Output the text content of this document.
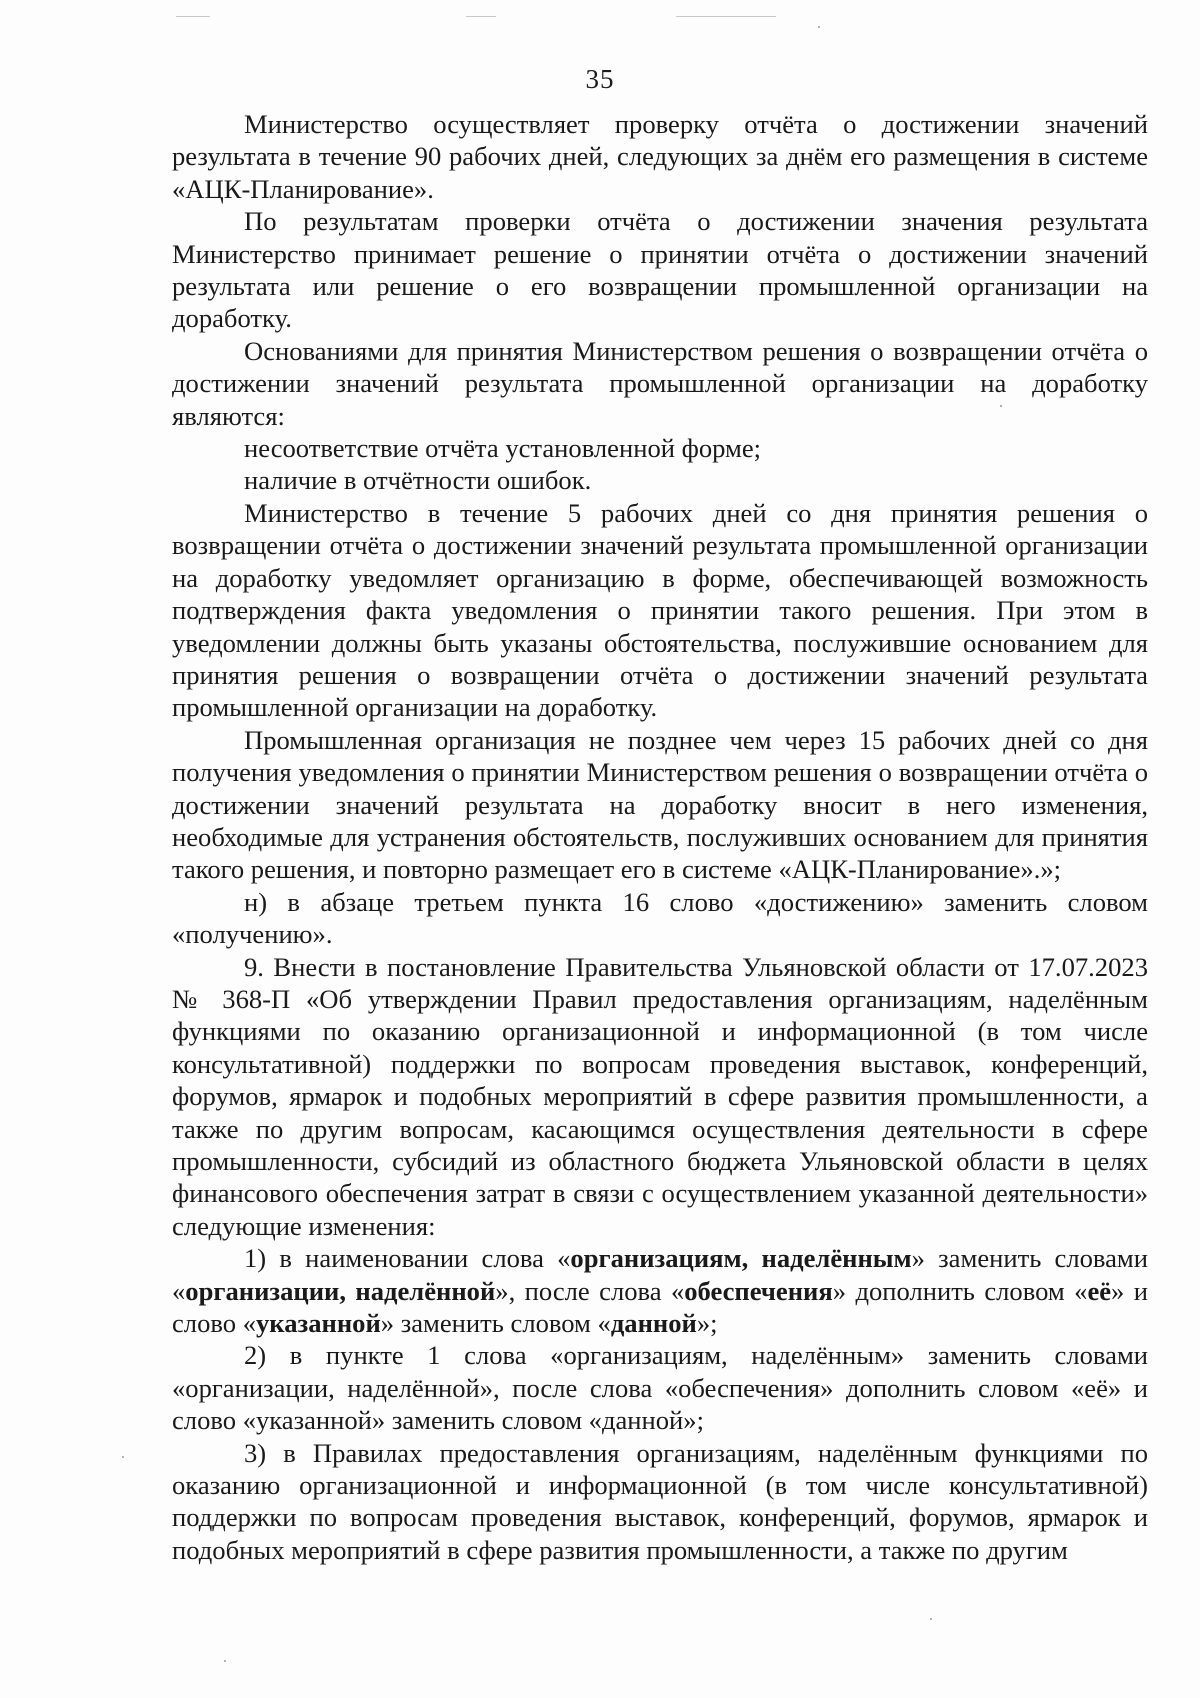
35

Министерство осуществляет проверку отчёта о достижении значений результата в течение 90 рабочих дней, следующих за днём его размещения в системе «АЦК-Планирование».

По результатам проверки отчёта о достижении значения результата Министерство принимает решение о принятии отчёта о достижении значений результата или решение о его возвращении промышленной организации на доработку.

Основаниями для принятия Министерством решения о возвращении отчёта о достижении значений результата промышленной организации на доработку являются:

несоответствие отчёта установленной форме;

наличие в отчётности ошибок.

Министерство в течение 5 рабочих дней со дня принятия решения о возвращении отчёта о достижении значений результата промышленной организации на доработку уведомляет организацию в форме, обеспечивающей возможность подтверждения факта уведомления о принятии такого решения. При этом в уведомлении должны быть указаны обстоятельства, послужившие основанием для принятия решения о возвращении отчёта о достижении значений результата промышленной организации на доработку.

Промышленная организация не позднее чем через 15 рабочих дней со дня получения уведомления о принятии Министерством решения о возвращении отчёта о достижении значений результата на доработку вносит в него изменения, необходимые для устранения обстоятельств, послуживших основанием для принятия такого решения, и повторно размещает его в системе «АЦК-Планирование».»;

н) в абзаце третьем пункта 16 слово «достижению» заменить словом «получению».

9. Внести в постановление Правительства Ульяновской области от 17.07.2023 № 368-П «Об утверждении Правил предоставления организациям, наделённым функциями по оказанию организационной и информационной (в том числе консультативной) поддержки по вопросам проведения выставок, конференций, форумов, ярмарок и подобных мероприятий в сфере развития промышленности, а также по другим вопросам, касающимся осуществления деятельности в сфере промышленности, субсидий из областного бюджета Ульяновской области в целях финансового обеспечения затрат в связи с осуществлением указанной деятельности» следующие изменения:

1) в наименовании слова «организациям, наделённым» заменить словами «организации, наделённой», после слова «обеспечения» дополнить словом «её» и слово «указанной» заменить словом «данной»;

2) в пункте 1 слова «организациям, наделённым» заменить словами «организации, наделённой», после слова «обеспечения» дополнить словом «её» и слово «указанной» заменить словом «данной»;

3) в Правилах предоставления организациям, наделённым функциями по оказанию организационной и информационной (в том числе консультативной) поддержки по вопросам проведения выставок, конференций, форумов, ярмарок и подобных мероприятий в сфере развития промышленности, а также по другим
